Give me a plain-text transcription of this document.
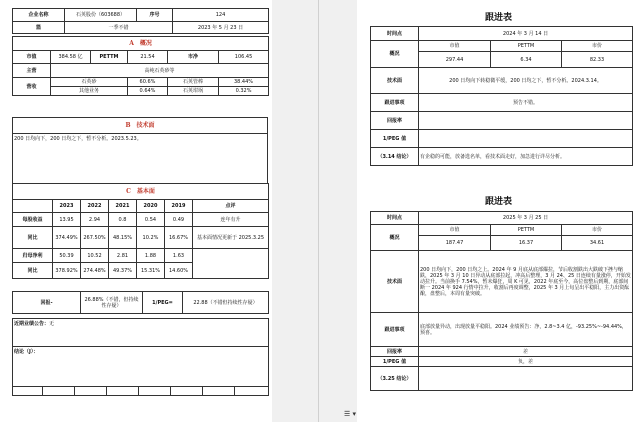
企业名称	石英股份（603688）	序号	124
篮	一季不错		2023 年 5 月 23 日
A　概况					
市值	384.58 亿	PETTM	21.54	市净	106.45
主营	高纯石英砂等				
营收	石英砂		60.6%	石英管棒	38.44%
	其他业务		0.64%	石英坩埚	0.32%
B　技术面
200 日均向下，200 日均之下，暂不分析。2023.5.23。
C　基本面						
	2023	2022	2021	2020	2019	点评
每股收益	13.95	2.94	0.8	0.54	0.49	连年有升
同比	374.49%	267.50%	48.15%	10.2%	16.67%	基本面情况更新于 2025.3.25
归母净利	50.39	10.52	2.81	1.88	1.63	
同比	378.92%	274.48%	49.37%	15.31%	14.60%	
回报-	26.88%（不错，但持续性存疑）	1/PEG=	22.88（不错但持续性存疑）
近期业绩公告：无
结论（J）：

跟进表
时间点	2024 年 3 月 14 日		
概况	市值	PETTM	市价
	297.44	6.34	82.33
技术面	200 日均向下转稳微平缓，200 日均之下，暂不分析。2024.3.14。		
跟进事项	预告不错。		
回报率			
1/PEG 值			
（3.14 结论）	有企稳的可能，放备选名单，看技术面走好，加急进行详尽分析。		
跟进表
时间点	2025 年 3 月 25 日		
概况	市值	PETTM	市价
	187.47	16.37	34.61
技术面	200 日均向下，200 日均之上。2024 年 9 月底从底部爆拉，节后收割跌出大跌破下挫与缩跌，2025 年 3 月 10 日异动从底部拉起，冲高后整理，3 月 24、25 日连续有量涨停，开始发动拉升。当前换手 7.54%，暂未爆狂，周 K 可见，2022 年底至今，高位盘整后到期，底部间断一 2024 年 924 行情中拉升，收割后再度调整，2025 年 3 月上旬呈出平稳阳，主力出资酝酿，盘整后，本周有量突破。		
跟进事项	底部放量异动，出现放量平稳阳。2024 业绩预告：净，2.8~3.4 亿，-93.25%~-94.44%，预喜。		
回报率	差		
1/PEG 值	负，差		
（3.25 结论）			
☰ ▾
